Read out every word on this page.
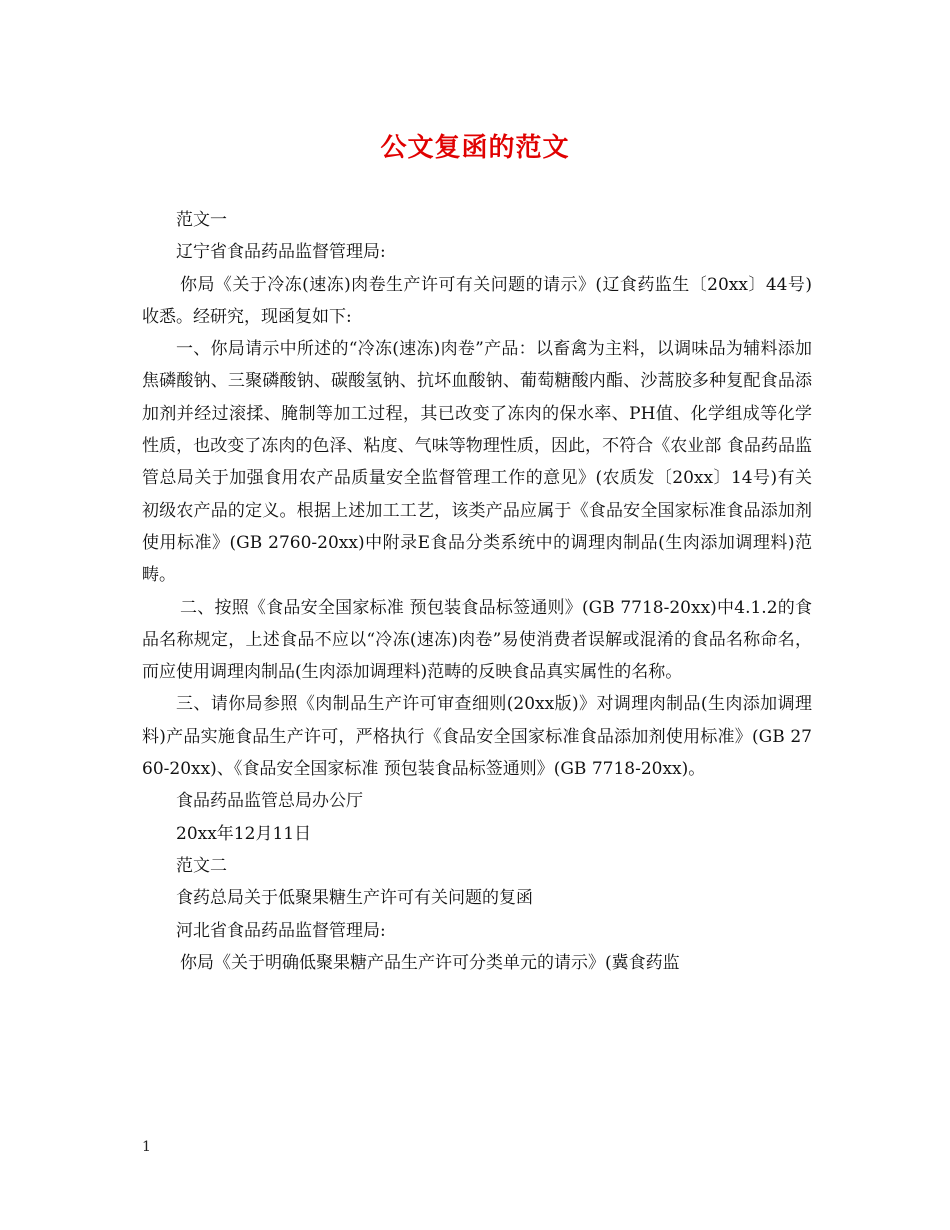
公文复函的范文

范文一

辽宁省食品药品监督管理局:

你局《关于冷冻(速冻)肉卷生产许可有关问题的请示》(辽食药监生〔20xx〕44号)收悉。经研究，现函复如下:

一、你局请示中所述的“冷冻(速冻)肉卷”产品：以畜禽为主料，以调味品为辅料添加焦磷酸钠、三聚磷酸钠、碳酸氢钠、抗坏血酸钠、葡萄糖酸内酯、沙蒿胶多种复配食品添加剂并经过滚揉、腌制等加工过程，其已改变了冻肉的保水率、PH值、化学组成等化学性质，也改变了冻肉的色泽、粘度、气味等物理性质，因此，不符合《农业部 食品药品监管总局关于加强食用农产品质量安全监督管理工作的意见》(农质发〔20xx〕14号)有关初级农产品的定义。根据上述加工工艺，该类产品应属于《食品安全国家标准食品添加剂使用标准》(GB 2760-20xx)中附录E食品分类系统中的调理肉制品(生肉添加调理料)范畴。

二、按照《食品安全国家标准 预包装食品标签通则》(GB 7718-20xx)中4.1.2的食品名称规定，上述食品不应以“冷冻(速冻)肉卷”易使消费者误解或混淆的食品名称命名，而应使用调理肉制品(生肉添加调理料)范畴的反映食品真实属性的名称。

三、请你局参照《肉制品生产许可审查细则(20xx版)》对调理肉制品(生肉添加调理料)产品实施食品生产许可，严格执行《食品安全国家标准食品添加剂使用标准》(GB 2760-20xx)、《食品安全国家标准 预包装食品标签通则》(GB 7718-20xx)。

食品药品监管总局办公厅

20xx年12月11日

范文二

食药总局关于低聚果糖生产许可有关问题的复函

河北省食品药品监督管理局:

你局《关于明确低聚果糖产品生产许可分类单元的请示》(冀食药监

1
